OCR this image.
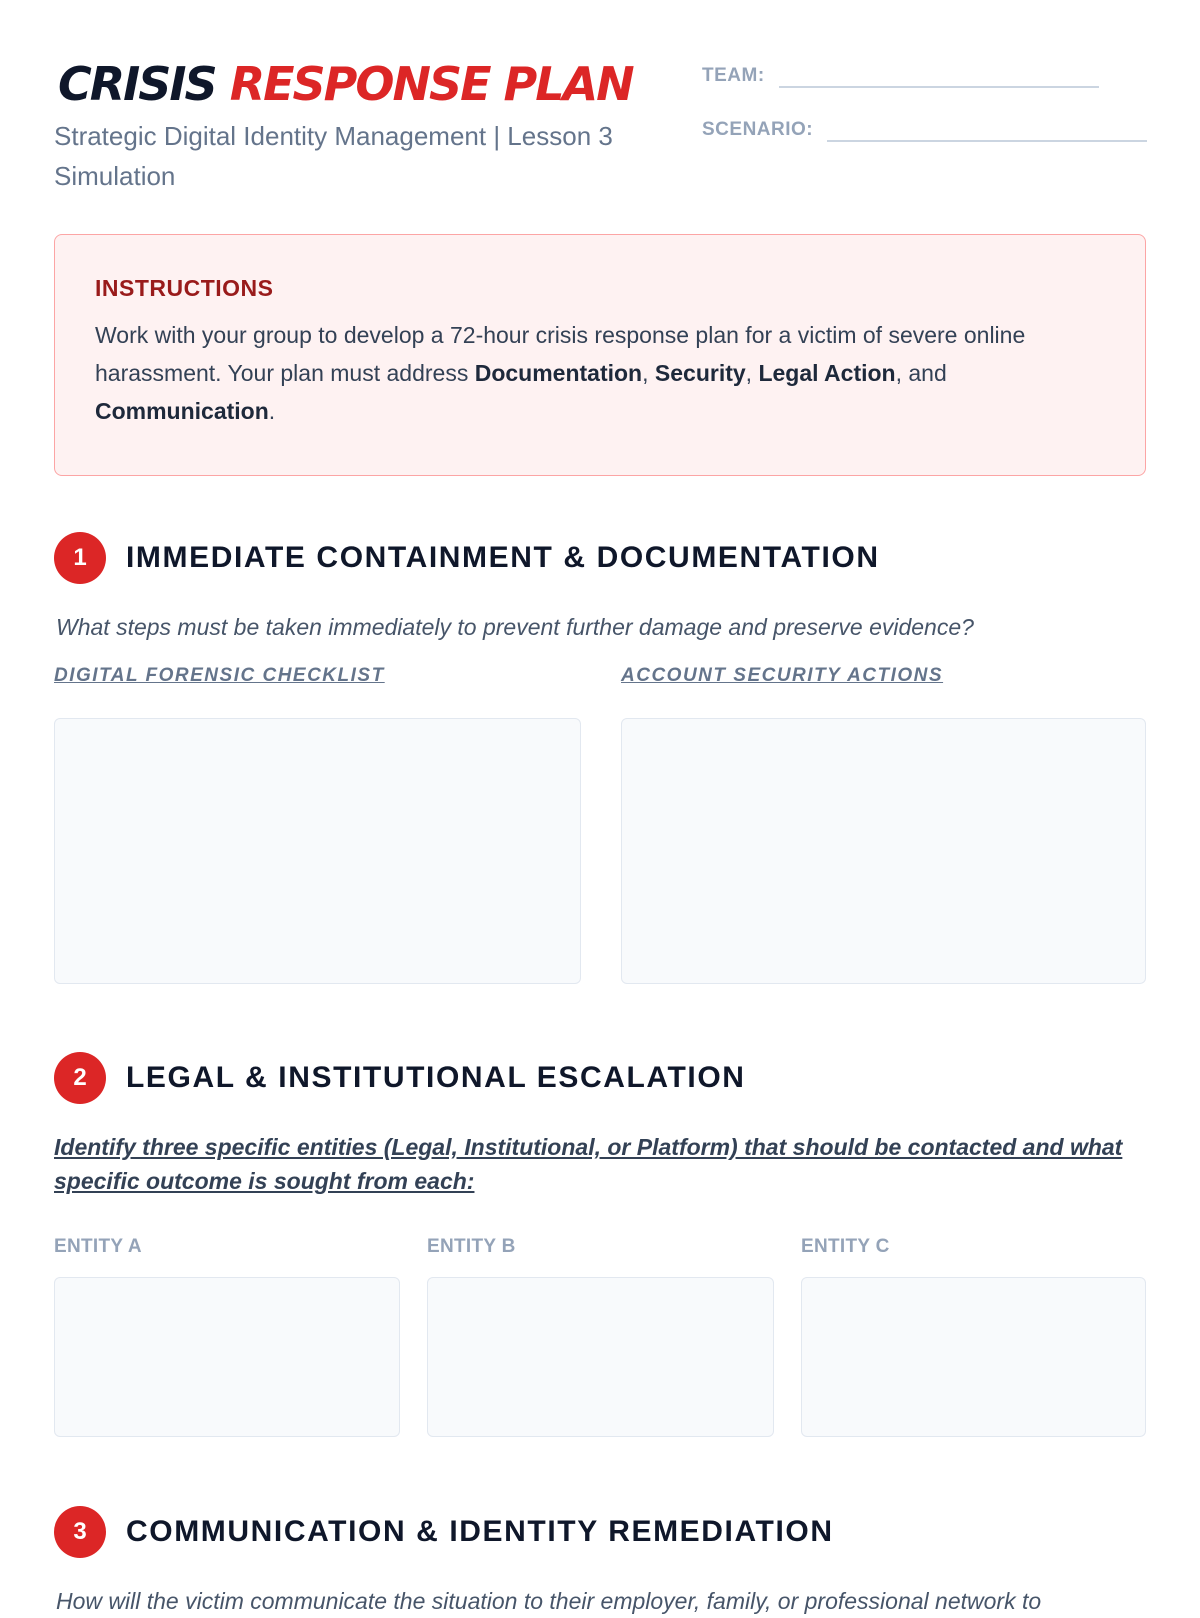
CRISIS RESPONSE PLAN
Strategic Digital Identity Management | Lesson 3 Simulation
TEAM:
SCENARIO:
INSTRUCTIONS

Work with your group to develop a 72-hour crisis response plan for a victim of severe online harassment. Your plan must address Documentation, Security, Legal Action, and Communication.

1	IMMEDIATE CONTAINMENT & DOCUMENTATION
What steps must be taken immediately to prevent further damage and preserve evidence?
DIGITAL FORENSIC CHECKLIST	ACCOUNT SECURITY ACTIONS
2	LEGAL & INSTITUTIONAL ESCALATION
Identify three specific entities (Legal, Institutional, or Platform) that should be contacted and what specific outcome is sought from each:
ENTITY A	ENTITY B	ENTITY C
3	COMMUNICATION & IDENTITY REMEDIATION
How will the victim communicate the situation to their employer, family, or professional network to
